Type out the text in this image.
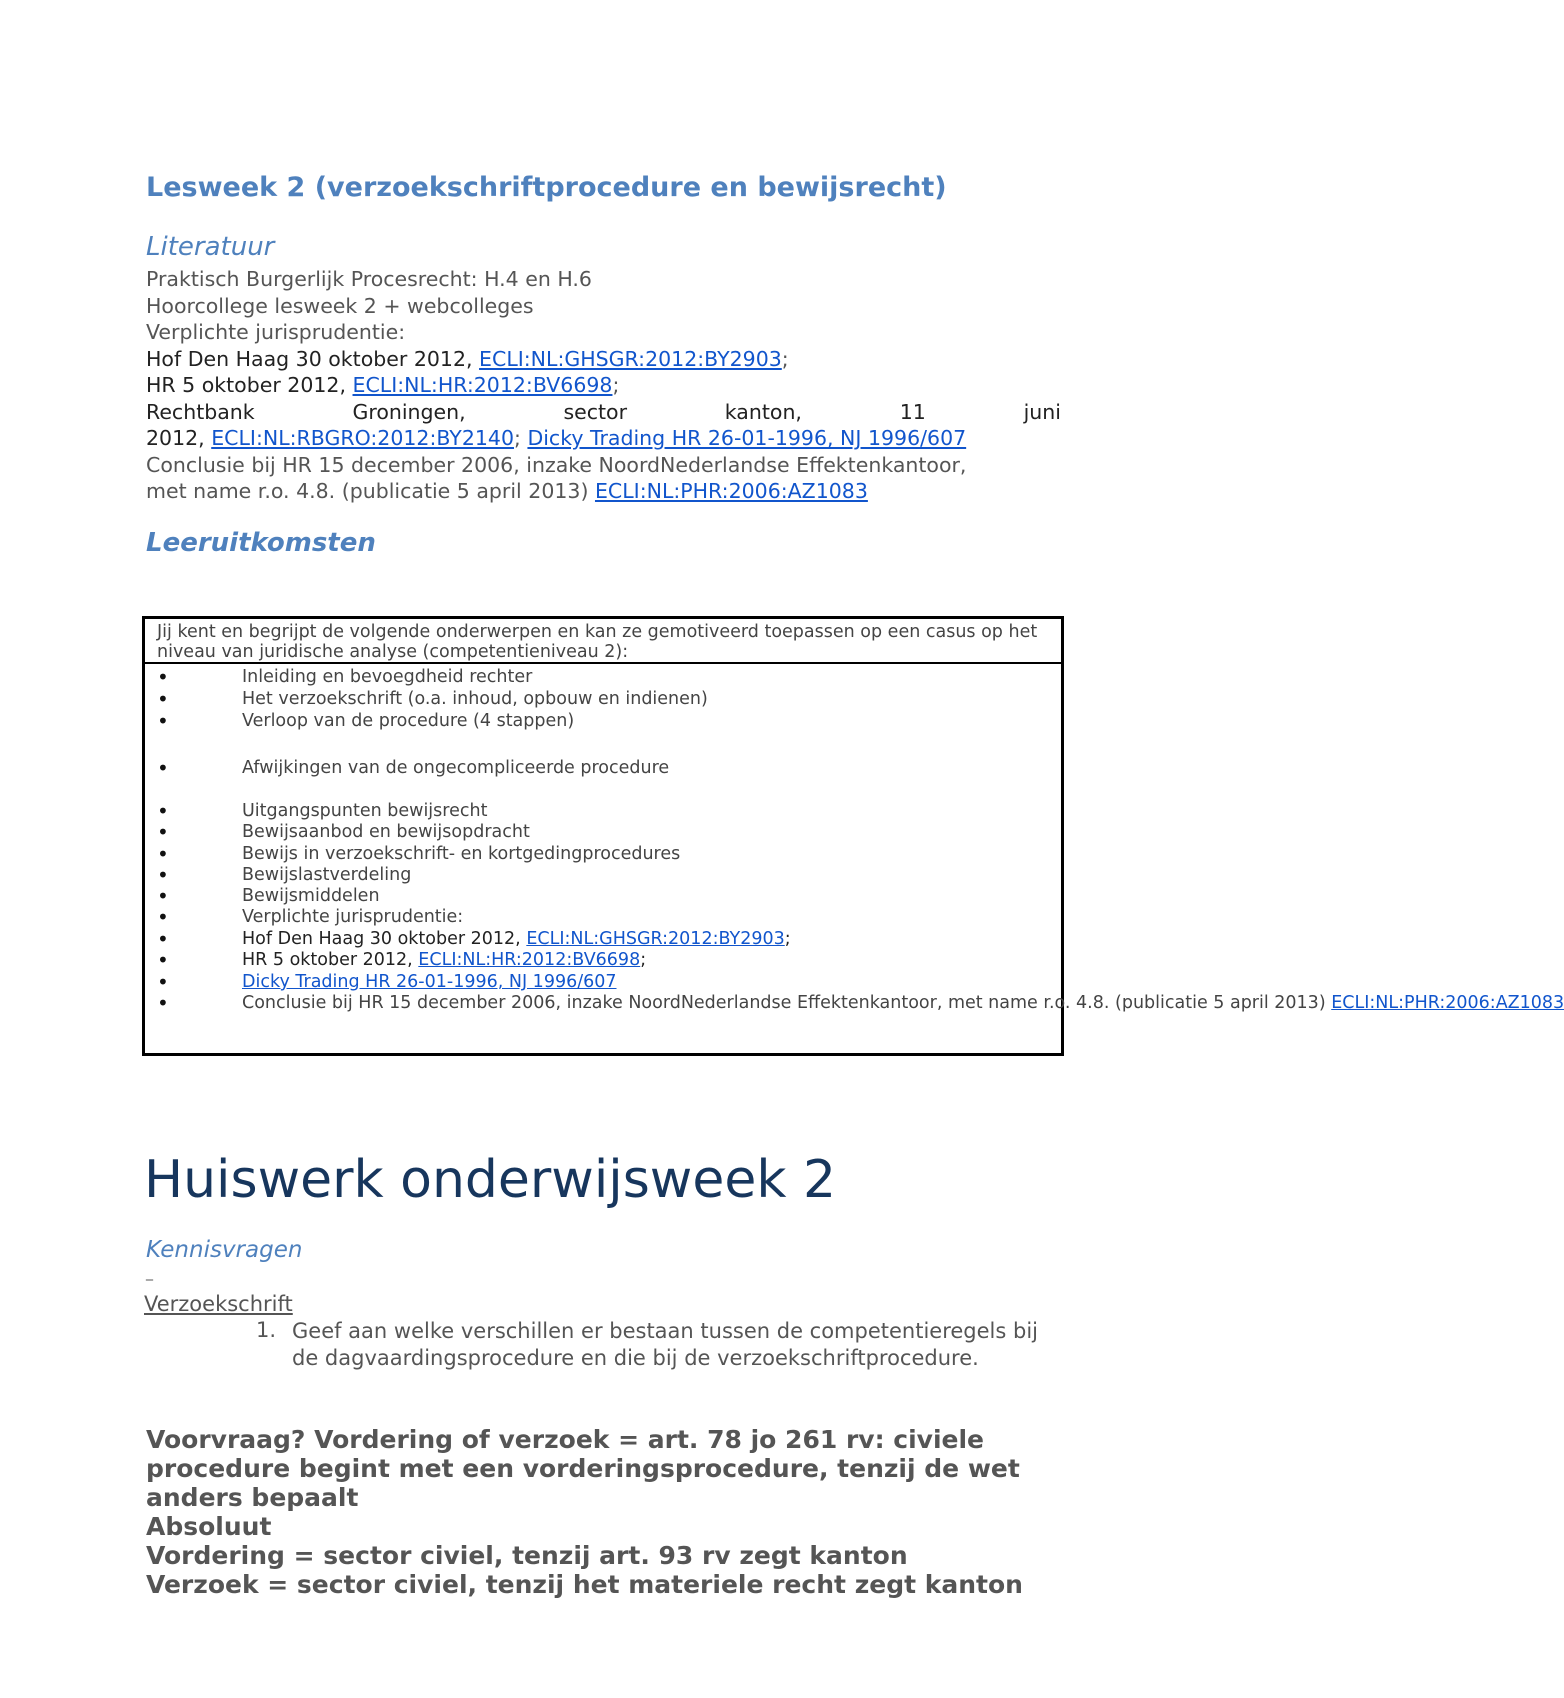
Lesweek 2 (verzoekschriftprocedure en bewijsrecht)
Literatuur
Praktisch Burgerlijk Procesrecht: H.4 en H.6
Hoorcollege lesweek 2 + webcolleges
Verplichte jurisprudentie:
Hof Den Haag 30 oktober 2012, ECLI:NL:GHSGR:2012:BY2903;
HR 5 oktober 2012, ECLI:NL:HR:2012:BV6698;
Rechtbank	Groningen,	sector	kanton,	11	juni
2012, ECLI:NL:RBGRO:2012:BY2140; Dicky Trading HR 26-01-1996, NJ 1996/607
Conclusie bij HR 15 december 2006, inzake NoordNederlandse Effektenkantoor,
met name r.o. 4.8. (publicatie 5 april 2013) ECLI:NL:PHR:2006:AZ1083
Leeruitkomsten
Jij kent en begrijpt de volgende onderwerpen en kan ze gemotiveerd toepassen op een casus op het niveau van juridische analyse (competentieniveau 2):
•	Inleiding en bevoegdheid rechter
•	Het verzoekschrift (o.a. inhoud, opbouw en indienen)
•	Verloop van de procedure (4 stappen)
•	Afwijkingen van de ongecompliceerde procedure
•	Uitgangspunten bewijsrecht
•	Bewijsaanbod en bewijsopdracht
•	Bewijs in verzoekschrift- en kortgedingprocedures
•	Bewijslastverdeling
•	Bewijsmiddelen
•	Verplichte jurisprudentie:
•	Hof Den Haag 30 oktober 2012, ECLI:NL:GHSGR:2012:BY2903;
•	HR 5 oktober 2012, ECLI:NL:HR:2012:BV6698;
•	Dicky Trading HR 26-01-1996, NJ 1996/607
•	Conclusie bij HR 15 december 2006, inzake NoordNederlandse Effektenkantoor, met name r.o. 4.8. (publicatie 5 april 2013) ECLI:NL:PHR:2006:AZ1083
Huiswerk onderwijsweek 2
Kennisvragen
_
Verzoekschrift
1. Geef aan welke verschillen er bestaan tussen de competentieregels bij de dagvaardingsprocedure en die bij de verzoekschriftprocedure.
Voorvraag? Vordering of verzoek = art. 78 jo 261 rv: civiele procedure begint met een vorderingsprocedure, tenzij de wet anders bepaalt
Absoluut
Vordering = sector civiel, tenzij art. 93 rv zegt kanton
Verzoek = sector civiel, tenzij het materiele recht zegt kanton
